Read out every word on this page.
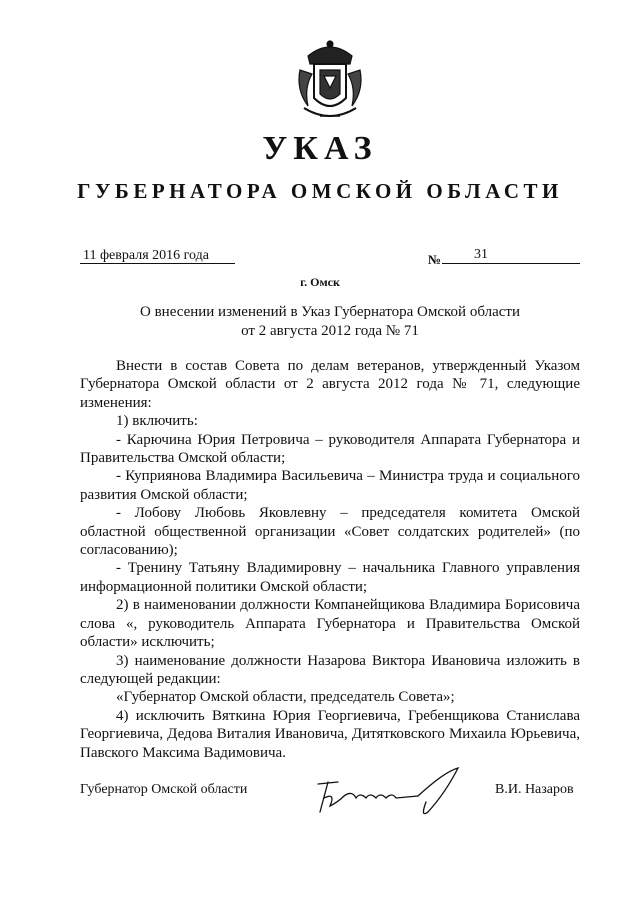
УКАЗ
ГУБЕРНАТОРА ОМСКОЙ ОБЛАСТИ
11 февраля 2016 года	№ 31
г. Омск
О внесении изменений в Указ Губернатора Омской области
от 2 августа 2012 года № 71

Внести в состав Совета по делам ветеранов, утвержденный Указом Губернатора Омской области от 2 августа 2012 года № 71, следующие изменения:

1) включить:

- Карючина Юрия Петровича – руководителя Аппарата Губернатора и Правительства Омской области;

- Куприянова Владимира Васильевича – Министра труда и социального развития Омской области;

- Лобову Любовь Яковлевну – председателя комитета Омской областной общественной организации «Совет солдатских родителей» (по согласованию);

- Тренину Татьяну Владимировну – начальника Главного управления информационной политики Омской области;

2) в наименовании должности Компанейщикова Владимира Борисовича слова «, руководитель Аппарата Губернатора и Правительства Омской области» исключить;

3) наименование должности Назарова Виктора Ивановича изложить в следующей редакции:

«Губернатор Омской области, председатель Совета»;

4) исключить Вяткина Юрия Георгиевича, Гребенщикова Станислава Георгиевича, Дедова Виталия Ивановича, Дитятковского Михаила Юрьевича, Павского Максима Вадимовича.

Губернатор Омской области	В.И. Назаров
